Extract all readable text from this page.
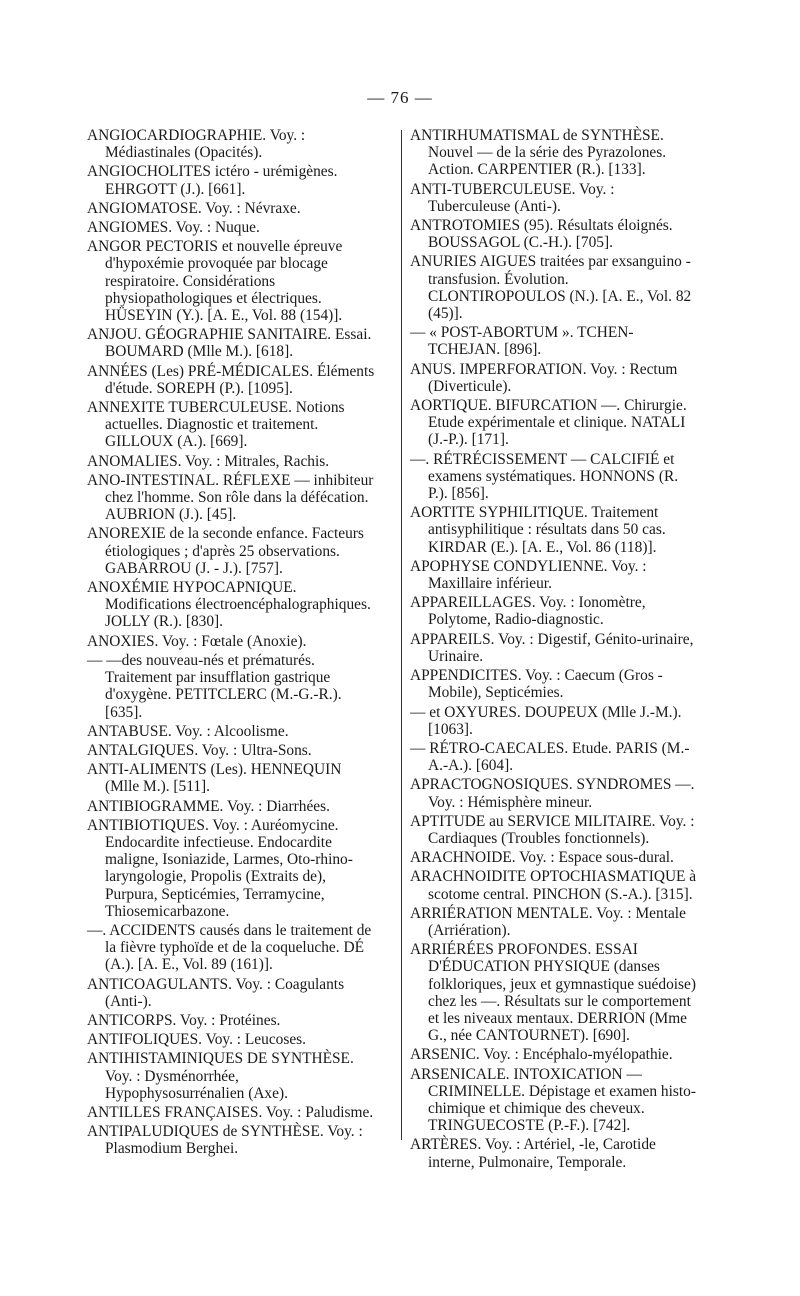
— 76 —
ANGIOCARDIOGRAPHIE. Voy. : Médiastinales (Opacités).
ANGIOCHOLITES ictéro - urémigènes. EHRGOTT (J.). [661].
ANGIOMATOSE. Voy. : Névraxe.
ANGIOMES. Voy. : Nuque.
ANGOR PECTORIS et nouvelle épreuve d'hypoxémie provoquée par blocage respiratoire. Considérations physiopathologiques et électriques. HÜSEYIN (Y.). [A. E., Vol. 88 (154)].
ANJOU. GÉOGRAPHIE SANITAIRE. Essai. BOUMARD (Mlle M.). [618].
ANNÉES (Les) PRÉ-MÉDICALES. Éléments d'étude. SOREPH (P.). [1095].
ANNEXITE TUBERCULEUSE. Notions actuelles. Diagnostic et traitement. GILLOUX (A.). [669].
ANOMALIES. Voy. : Mitrales, Rachis.
ANO-INTESTINAL. RÉFLEXE — inhibiteur chez l'homme. Son rôle dans la défécation. AUBRION (J.). [45].
ANOREXIE de la seconde enfance. Facteurs étiologiques ; d'après 25 observations. GABARROU (J. - J.). [757].
ANOXÉMIE HYPOCAPNIQUE. Modifications électroencéphalographiques. JOLLY (R.). [830].
ANOXIES. Voy. : Fœtale (Anoxie).
— —des nouveau-nés et prématurés. Traitement par insufflation gastrique d'oxygène. PETITCLERC (M.-G.-R.). [635].
ANTABUSE. Voy. : Alcoolisme.
ANTALGIQUES. Voy. : Ultra-Sons.
ANTI-ALIMENTS (Les). HENNEQUIN (Mlle M.). [511].
ANTIBIOGRAMME. Voy. : Diarrhées.
ANTIBIOTIQUES. Voy. : Auréomycine. Endocardite infectieuse. Endocardite maligne, Isoniazide, Larmes, Oto-rhino-laryngologie, Propolis (Extraits de), Purpura, Septicémies, Terramycine, Thiosemicarbazone.
—. ACCIDENTS causés dans le traitement de la fièvre typhoïde et de la coqueluche. DÉ (A.). [A. E., Vol. 89 (161)].
ANTICOAGULANTS. Voy. : Coagulants (Anti-).
ANTICORPS. Voy. : Protéines.
ANTIFOLIQUES. Voy. : Leucoses.
ANTIHISTAMINIQUES DE SYNTHÈSE. Voy. : Dysménorrhée, Hypophysosurrénalien (Axe).
ANTILLES FRANÇAISES. Voy. : Paludisme.
ANTIPALUDIQUES de SYNTHÈSE. Voy. : Plasmodium Berghei.
ANTIRHUMATISMAL de SYNTHÈSE. Nouvel — de la série des Pyrazolones. Action. CARPENTIER (R.). [133].
ANTI-TUBERCULEUSE. Voy. : Tuberculeuse (Anti-).
ANTROTOMIES (95). Résultats éloignés. BOUSSAGOL (C.-H.). [705].
ANURIES AIGUES traitées par exsanguino - transfusion. Évolution. CLONTIROPOULOS (N.). [A. E., Vol. 82 (45)].
— « POST-ABORTUM ». TCHEN-TCHEJAN. [896].
ANUS. IMPERFORATION. Voy. : Rectum (Diverticule).
AORTIQUE. BIFURCATION —. Chirurgie. Etude expérimentale et clinique. NATALI (J.-P.). [171].
—. RÉTRÉCISSEMENT — CALCIFIÉ et examens systématiques. HONNONS (R. P.). [856].
AORTITE SYPHILITIQUE. Traitement antisyphilitique : résultats dans 50 cas. KIRDAR (E.). [A. E., Vol. 86 (118)].
APOPHYSE CONDYLIENNE. Voy. : Maxillaire inférieur.
APPAREILLAGES. Voy. : Ionomètre, Polytome, Radio-diagnostic.
APPAREILS. Voy. : Digestif, Génito-urinaire, Urinaire.
APPENDICITES. Voy. : Caecum (Gros - Mobile), Septicémies.
— et OXYURES. DOUPEUX (Mlle J.-M.). [1063].
— RÉTRO-CAECALES. Etude. PARIS (M.-A.-A.). [604].
APRACTOGNOSIQUES. SYNDROMES —. Voy. : Hémisphère mineur.
APTITUDE au SERVICE MILITAIRE. Voy. : Cardiaques (Troubles fonctionnels).
ARACHNOIDE. Voy. : Espace sous-dural.
ARACHNOIDITE OPTOCHIASMATIQUE à scotome central. PINCHON (S.-A.). [315].
ARRIÉRATION MENTALE. Voy. : Mentale (Arriération).
ARRIÉRÉES PROFONDES. ESSAI D'ÉDUCATION PHYSIQUE (danses folkloriques, jeux et gymnastique suédoise) chez les —. Résultats sur le comportement et les niveaux mentaux. DERRION (Mme G., née CANTOURNET). [690].
ARSENIC. Voy. : Encéphalo-myélopathie.
ARSENICALE. INTOXICATION — CRIMINELLE. Dépistage et examen histo-chimique et chimique des cheveux. TRINGUECOSTE (P.-F.). [742].
ARTÈRES. Voy. : Artériel, -le, Carotide interne, Pulmonaire, Temporale.
